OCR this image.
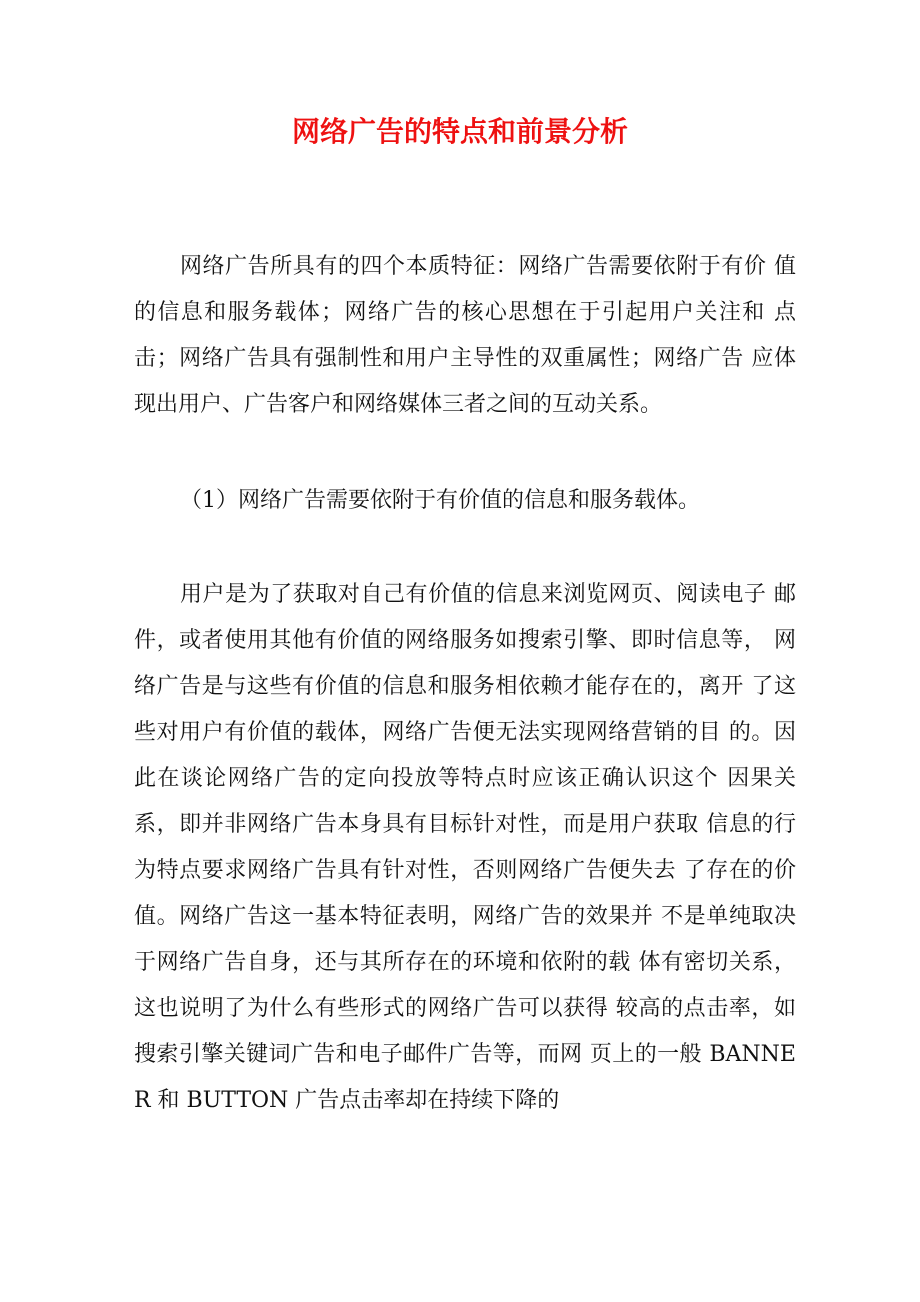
网络广告的特点和前景分析

网络广告所具有的四个本质特征：网络广告需要依附于有价 值的信息和服务载体；网络广告的核心思想在于引起用户关注和 点击；网络广告具有强制性和用户主导性的双重属性；网络广告 应体现出用户、广告客户和网络媒体三者之间的互动关系。

（1）网络广告需要依附于有价值的信息和服务载体。

用户是为了获取对自己有价值的信息来浏览网页、阅读电子 邮件，或者使用其他有价值的网络服务如搜索引擎、即时信息等， 网络广告是与这些有价值的信息和服务相依赖才能存在的，离开 了这些对用户有价值的载体，网络广告便无法实现网络营销的目 的。因此在谈论网络广告的定向投放等特点时应该正确认识这个 因果关系，即并非网络广告本身具有目标针对性，而是用户获取 信息的行为特点要求网络广告具有针对性，否则网络广告便失去 了存在的价值。网络广告这一基本特征表明，网络广告的效果并 不是单纯取决于网络广告自身，还与其所存在的环境和依附的载 体有密切关系，这也说明了为什么有些形式的网络广告可以获得 较高的点击率，如搜索引擎关键词广告和电子邮件广告等，而网 页上的一般 BANNER 和 BUTTON 广告点击率却在持续下降的
